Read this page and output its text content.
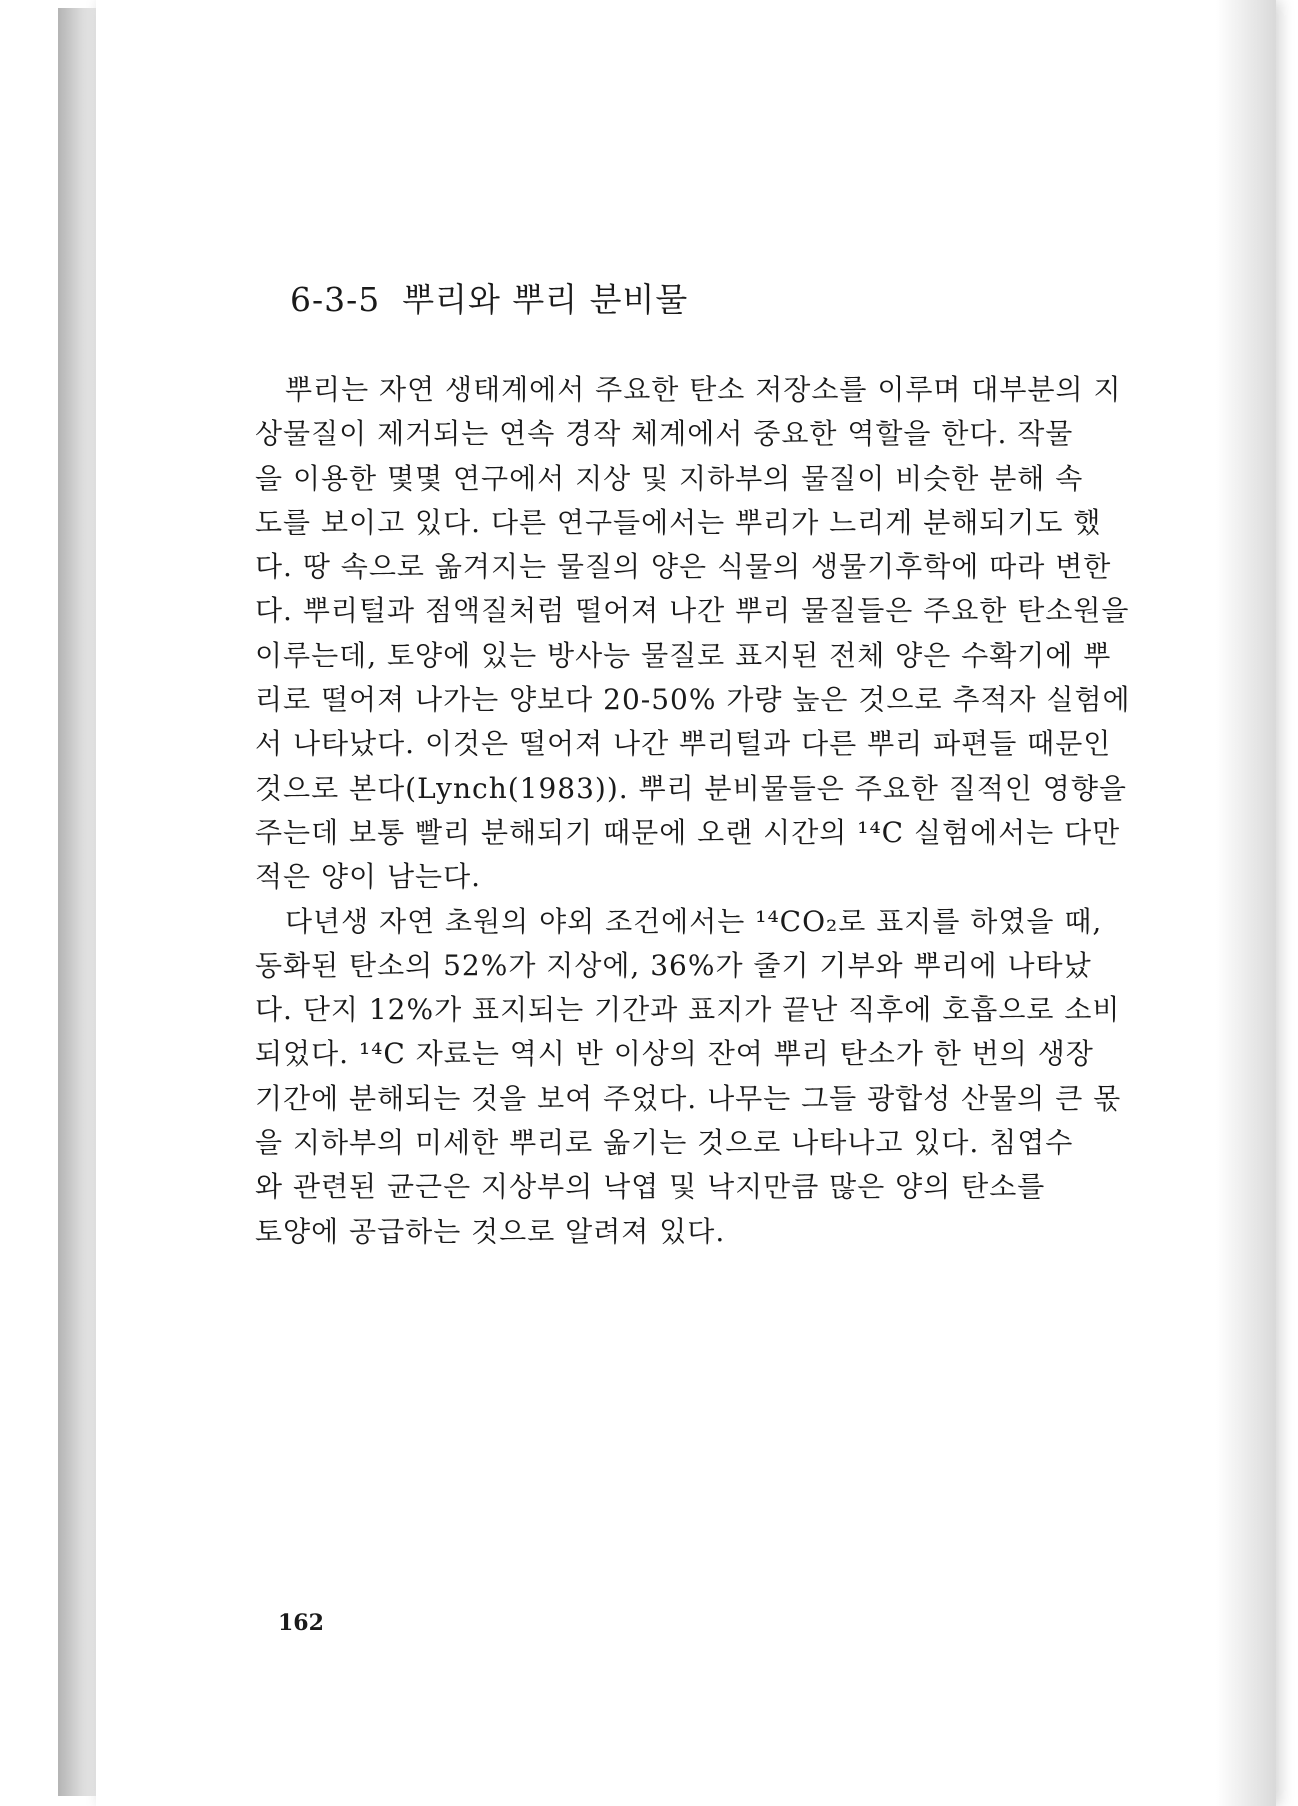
6-3-5 뿌리와 뿌리 분비물
뿌리는 자연 생태계에서 주요한 탄소 저장소를 이루며 대부분의 지
상물질이 제거되는 연속 경작 체계에서 중요한 역할을 한다. 작물
을 이용한 몇몇 연구에서 지상 및 지하부의 물질이 비슷한 분해 속
도를 보이고 있다. 다른 연구들에서는 뿌리가 느리게 분해되기도 했
다. 땅 속으로 옮겨지는 물질의 양은 식물의 생물기후학에 따라 변한
다. 뿌리털과 점액질처럼 떨어져 나간 뿌리 물질들은 주요한 탄소원을
이루는데, 토양에 있는 방사능 물질로 표지된 전체 양은 수확기에 뿌
리로 떨어져 나가는 양보다 20-50% 가량 높은 것으로 추적자 실험에
서 나타났다. 이것은 떨어져 나간 뿌리털과 다른 뿌리 파편들 때문인
것으로 본다(Lynch(1983)). 뿌리 분비물들은 주요한 질적인 영향을
주는데 보통 빨리 분해되기 때문에 오랜 시간의 ¹⁴C 실험에서는 다만
적은 양이 남는다.
다년생 자연 초원의 야외 조건에서는 ¹⁴CO₂로 표지를 하였을 때,
동화된 탄소의 52%가 지상에, 36%가 줄기 기부와 뿌리에 나타났
다. 단지 12%가 표지되는 기간과 표지가 끝난 직후에 호흡으로 소비
되었다. ¹⁴C 자료는 역시 반 이상의 잔여 뿌리 탄소가 한 번의 생장
기간에 분해되는 것을 보여 주었다. 나무는 그들 광합성 산물의 큰 몫
을 지하부의 미세한 뿌리로 옮기는 것으로 나타나고 있다. 침엽수
와 관련된 균근은 지상부의 낙엽 및 낙지만큼 많은 양의 탄소를
토양에 공급하는 것으로 알려져 있다.
162
